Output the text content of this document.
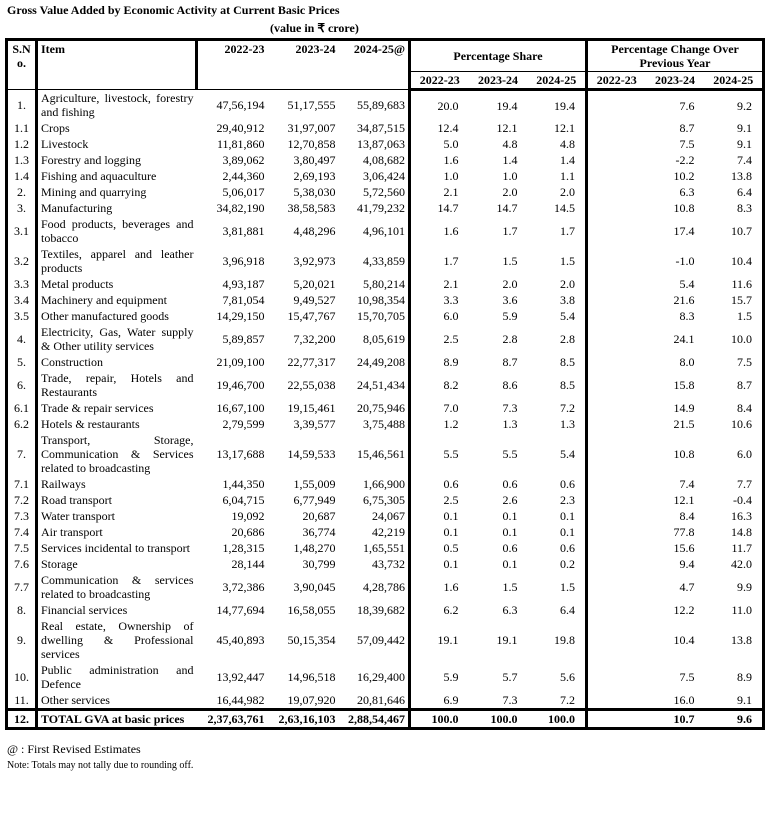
Gross Value Added by Economic Activity at Current Basic Prices
(value in ₹ crore)
S.No.	Item	2022-23	2023-24	2024-25@	Percentage Share			Percentage Change Over Previous Year		
					2022-23	2023-24	2024-25	2022-23	2023-24	2024-25
1.	Agriculture, livestock, forestry and fishing	47,56,194	51,17,555	55,89,683	20.0	19.4	19.4		7.6	9.2
1.1	Crops	29,40,912	31,97,007	34,87,515	12.4	12.1	12.1		8.7	9.1
1.2	Livestock	11,81,860	12,70,858	13,87,063	5.0	4.8	4.8		7.5	9.1
1.3	Forestry and logging	3,89,062	3,80,497	4,08,682	1.6	1.4	1.4		-2.2	7.4
1.4	Fishing and aquaculture	2,44,360	2,69,193	3,06,424	1.0	1.0	1.1		10.2	13.8
2.	Mining and quarrying	5,06,017	5,38,030	5,72,560	2.1	2.0	2.0		6.3	6.4
3.	Manufacturing	34,82,190	38,58,583	41,79,232	14.7	14.7	14.5		10.8	8.3
3.1	Food products, beverages and tobacco	3,81,881	4,48,296	4,96,101	1.6	1.7	1.7		17.4	10.7
3.2	Textiles, apparel and leather products	3,96,918	3,92,973	4,33,859	1.7	1.5	1.5		-1.0	10.4
3.3	Metal products	4,93,187	5,20,021	5,80,214	2.1	2.0	2.0		5.4	11.6
3.4	Machinery and equipment	7,81,054	9,49,527	10,98,354	3.3	3.6	3.8		21.6	15.7
3.5	Other manufactured goods	14,29,150	15,47,767	15,70,705	6.0	5.9	5.4		8.3	1.5
4.	Electricity, Gas, Water supply & Other utility services	5,89,857	7,32,200	8,05,619	2.5	2.8	2.8		24.1	10.0
5.	Construction	21,09,100	22,77,317	24,49,208	8.9	8.7	8.5		8.0	7.5
6.	Trade, repair, Hotels and Restaurants	19,46,700	22,55,038	24,51,434	8.2	8.6	8.5		15.8	8.7
6.1	Trade & repair services	16,67,100	19,15,461	20,75,946	7.0	7.3	7.2		14.9	8.4
6.2	Hotels & restaurants	2,79,599	3,39,577	3,75,488	1.2	1.3	1.3		21.5	10.6
7.	Transport, Storage, Communication & Services related to broadcasting	13,17,688	14,59,533	15,46,561	5.5	5.5	5.4		10.8	6.0
7.1	Railways	1,44,350	1,55,009	1,66,900	0.6	0.6	0.6		7.4	7.7
7.2	Road transport	6,04,715	6,77,949	6,75,305	2.5	2.6	2.3		12.1	-0.4
7.3	Water transport	19,092	20,687	24,067	0.1	0.1	0.1		8.4	16.3
7.4	Air transport	20,686	36,774	42,219	0.1	0.1	0.1		77.8	14.8
7.5	Services incidental to transport	1,28,315	1,48,270	1,65,551	0.5	0.6	0.6		15.6	11.7
7.6	Storage	28,144	30,799	43,732	0.1	0.1	0.2		9.4	42.0
7.7	Communication & services related to broadcasting	3,72,386	3,90,045	4,28,786	1.6	1.5	1.5		4.7	9.9
8.	Financial services	14,77,694	16,58,055	18,39,682	6.2	6.3	6.4		12.2	11.0
9.	Real estate, Ownership of dwelling & Professional services	45,40,893	50,15,354	57,09,442	19.1	19.1	19.8		10.4	13.8
10.	Public administration and Defence	13,92,447	14,96,518	16,29,400	5.9	5.7	5.6		7.5	8.9
11.	Other services	16,44,982	19,07,920	20,81,646	6.9	7.3	7.2		16.0	9.1
12.	TOTAL GVA at basic prices	2,37,63,761	2,63,16,103	2,88,54,467	100.0	100.0	100.0		10.7	9.6
@ : First Revised Estimates
Note: Totals may not tally due to rounding off.
